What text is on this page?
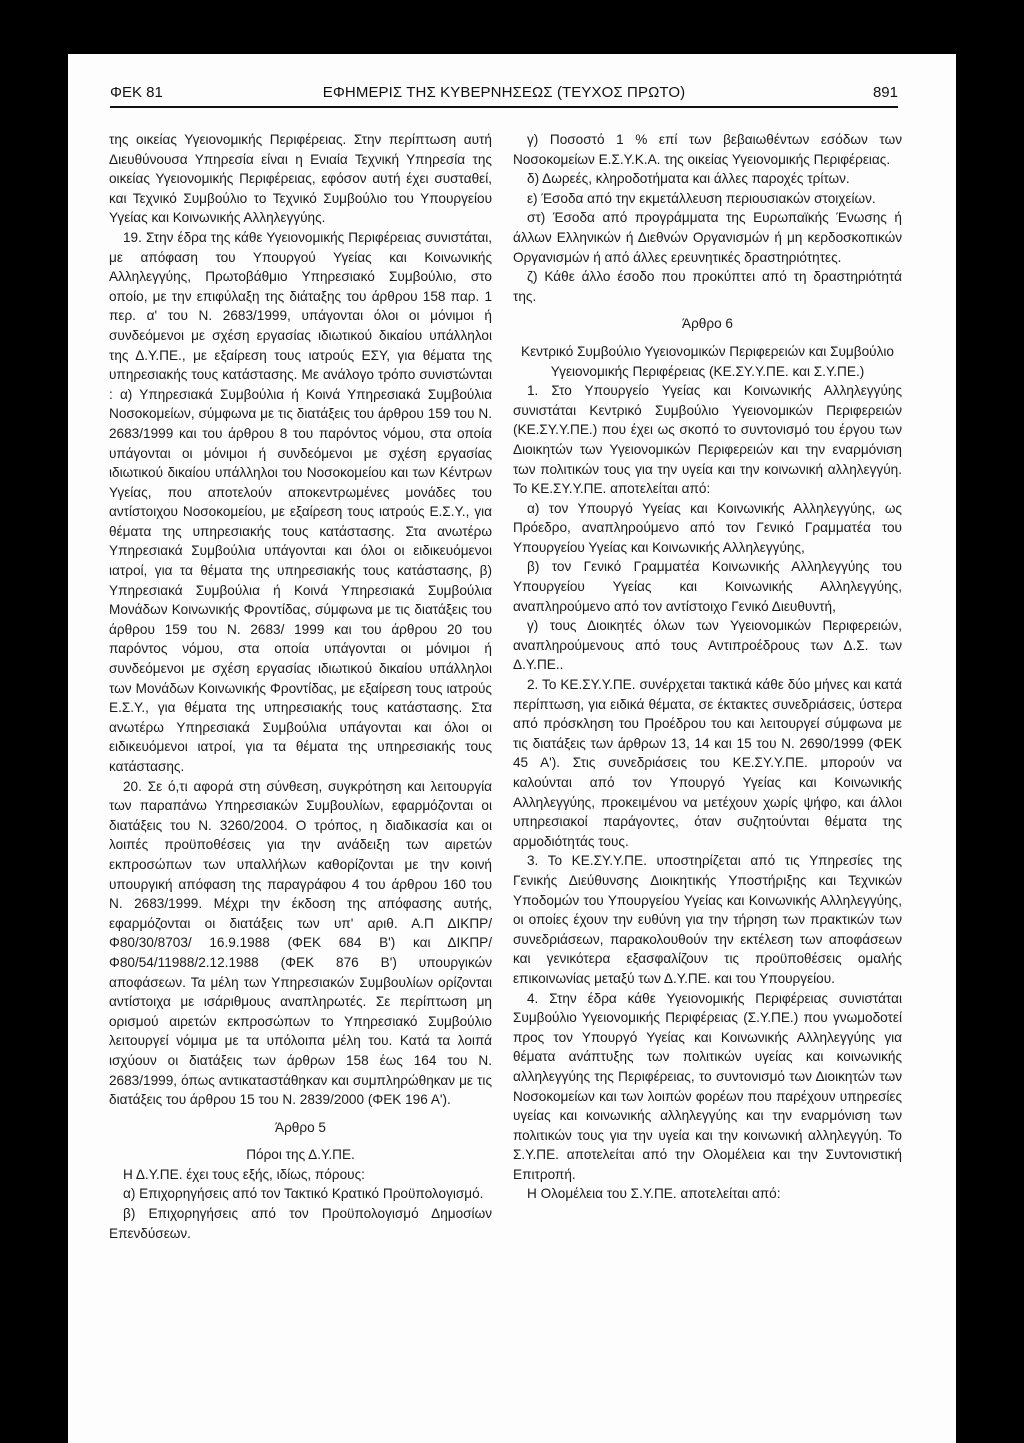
ΕΦΗΜΕΡΙΣ ΤΗΣ ΚΥΒΕΡΝΗΣΕΩΣ (ΤΕΥΧΟΣ ΠΡΩΤΟ)
ΦΕΚ 81	891

της οικείας Υγειονομικής Περιφέρειας. Στην περίπτωση αυτή Διευθύνουσα Υπηρεσία είναι η Ενιαία Τεχνική Υπηρεσία της οικείας Υγειονομικής Περιφέρειας, εφόσον αυτή έχει συσταθεί, και Τεχνικό Συμβούλιο το Τεχνικό Συμβούλιο του Υπουργείου Υγείας και Κοινωνικής Αλληλεγγύης.

19. Στην έδρα της κάθε Υγειονομικής Περιφέρειας συνιστάται, με απόφαση του Υπουργού Υγείας και Κοινωνικής Αλληλεγγύης, Πρωτοβάθμιο Υπηρεσιακό Συμβούλιο, στο οποίο, με την επιφύλαξη της διάταξης του άρθρου 158 παρ. 1 περ. α' του Ν. 2683/1999, υπάγονται όλοι οι μόνιμοι ή συνδεόμενοι με σχέση εργασίας ιδιωτικού δικαίου υπάλληλοι της Δ.Υ.ΠΕ., με εξαίρεση τους ιατρούς ΕΣΥ, για θέματα της υπηρεσιακής τους κατάστασης. Με ανάλογο τρόπο συνιστώνται : α) Υπηρεσιακά Συμβούλια ή Κοινά Υπηρεσιακά Συμβούλια Νοσοκομείων, σύμφωνα με τις διατάξεις του άρθρου 159 του Ν. 2683/1999 και του άρθρου 8 του παρόντος νόμου, στα οποία υπάγονται οι μόνιμοι ή συνδεόμενοι με σχέση εργασίας ιδιωτικού δικαίου υπάλληλοι του Νοσοκομείου και των Κέντρων Υγείας, που αποτελούν αποκεντρωμένες μονάδες του αντίστοιχου Νοσοκομείου, με εξαίρεση τους ιατρούς Ε.Σ.Υ., για θέματα της υπηρεσιακής τους κατάστασης. Στα ανωτέρω Υπηρεσιακά Συμβούλια υπάγονται και όλοι οι ειδικευόμενοι ιατροί, για τα θέματα της υπηρεσιακής τους κατάστασης, β) Υπηρεσιακά Συμβούλια ή Κοινά Υπηρεσιακά Συμβούλια Μονάδων Κοινωνικής Φροντίδας, σύμφωνα με τις διατάξεις του άρθρου 159 του Ν. 2683/ 1999 και του άρθρου 20 του παρόντος νόμου, στα οποία υπάγονται οι μόνιμοι ή συνδεόμενοι με σχέση εργασίας ιδιωτικού δικαίου υπάλληλοι των Μονάδων Κοινωνικής Φροντίδας, με εξαίρεση τους ιατρούς Ε.Σ.Υ., για θέματα της υπηρεσιακής τους κατάστασης. Στα ανωτέρω Υπηρεσιακά Συμβούλια υπάγονται και όλοι οι ειδικευόμενοι ιατροί, για τα θέματα της υπηρεσιακής τους κατάστασης.

20. Σε ό,τι αφορά στη σύνθεση, συγκρότηση και λειτουργία των παραπάνω Υπηρεσιακών Συμβουλίων, εφαρμόζονται οι διατάξεις του Ν. 3260/2004. Ο τρόπος, η διαδικασία και οι λοιπές προϋποθέσεις για την ανάδειξη των αιρετών εκπροσώπων των υπαλλήλων καθορίζονται με την κοινή υπουργική απόφαση της παραγράφου 4 του άρθρου 160 του Ν. 2683/1999. Μέχρι την έκδοση της απόφασης αυτής, εφαρμόζονται οι διατάξεις των υπ' αριθ. Α.Π ΔΙΚΠΡ/Φ80/30/8703/ 16.9.1988 (ΦΕΚ 684 Β') και ΔΙΚΠΡ/ Φ80/54/11988/2.12.1988 (ΦΕΚ 876 Β') υπουργικών αποφάσεων. Τα μέλη των Υπηρεσιακών Συμβουλίων ορίζονται αντίστοιχα με ισάριθμους αναπληρωτές. Σε περίπτωση μη ορισμού αιρετών εκπροσώπων το Υπηρεσιακό Συμβούλιο λειτουργεί νόμιμα με τα υπόλοιπα μέλη του. Κατά τα λοιπά ισχύουν οι διατάξεις των άρθρων 158 έως 164 του Ν. 2683/1999, όπως αντικαταστάθηκαν και συμπληρώθηκαν με τις διατάξεις του άρθρου 15 του Ν. 2839/2000 (ΦΕΚ 196 Α').

Άρθρο 5

Πόροι της Δ.Υ.ΠΕ.

Η Δ.Υ.ΠΕ. έχει τους εξής, ιδίως, πόρους:

α) Επιχορηγήσεις από τον Τακτικό Κρατικό Προϋπολογισμό.

β) Επιχορηγήσεις από τον Προϋπολογισμό Δημοσίων Επενδύσεων.

γ) Ποσοστό 1 % επί των βεβαιωθέντων εσόδων των Νοσοκομείων Ε.Σ.Υ.Κ.Α. της οικείας Υγειονομικής Περιφέρειας.

δ) Δωρεές, κληροδοτήματα και άλλες παροχές τρίτων.

ε) Έσοδα από την εκμετάλλευση περιουσιακών στοιχείων.

στ) Έσοδα από προγράμματα της Ευρωπαϊκής Ένωσης ή άλλων Ελληνικών ή Διεθνών Οργανισμών ή μη κερδοσκοπικών Οργανισμών ή από άλλες ερευνητικές δραστηριότητες.

ζ) Κάθε άλλο έσοδο που προκύπτει από τη δραστηριότητά της.

Άρθρο 6

Κεντρικό Συμβούλιο Υγειονομικών Περιφερειών και Συμβούλιο Υγειονομικής Περιφέρειας (ΚΕ.ΣΥ.Υ.ΠΕ. και Σ.Υ.ΠΕ.)

1. Στο Υπουργείο Υγείας και Κοινωνικής Αλληλεγγύης συνιστάται Κεντρικό Συμβούλιο Υγειονομικών Περιφερειών (ΚΕ.ΣΥ.Υ.ΠΕ.) που έχει ως σκοπό το συντονισμό του έργου των Διοικητών των Υγειονομικών Περιφερειών και την εναρμόνιση των πολιτικών τους για την υγεία και την κοινωνική αλληλεγγύη. Το ΚΕ.ΣΥ.Υ.ΠΕ. αποτελείται από:

α) τον Υπουργό Υγείας και Κοινωνικής Αλληλεγγύης, ως Πρόεδρο, αναπληρούμενο από τον Γενικό Γραμματέα του Υπουργείου Υγείας και Κοινωνικής Αλληλεγγύης,

β) τον Γενικό Γραμματέα Κοινωνικής Αλληλεγγύης του Υπουργείου Υγείας και Κοινωνικής Αλληλεγγύης, αναπληρούμενο από τον αντίστοιχο Γενικό Διευθυντή,

γ) τους Διοικητές όλων των Υγειονομικών Περιφερειών, αναπληρούμενους από τους Αντιπροέδρους των Δ.Σ. των Δ.Υ.ΠΕ..

2. Το ΚΕ.ΣΥ.Υ.ΠΕ. συνέρχεται τακτικά κάθε δύο μήνες και κατά περίπτωση, για ειδικά θέματα, σε έκτακτες συνεδριάσεις, ύστερα από πρόσκληση του Προέδρου του και λειτουργεί σύμφωνα με τις διατάξεις των άρθρων 13, 14 και 15 του Ν. 2690/1999 (ΦΕΚ 45 Α'). Στις συνεδριάσεις του ΚΕ.ΣΥ.Υ.ΠΕ. μπορούν να καλούνται από τον Υπουργό Υγείας και Κοινωνικής Αλληλεγγύης, προκειμένου να μετέχουν χωρίς ψήφο, και άλλοι υπηρεσιακοί παράγοντες, όταν συζητούνται θέματα της αρμοδιότητάς τους.

3. Το ΚΕ.ΣΥ.Υ.ΠΕ. υποστηρίζεται από τις Υπηρεσίες της Γενικής Διεύθυνσης Διοικητικής Υποστήριξης και Τεχνικών Υποδομών του Υπουργείου Υγείας και Κοινωνικής Αλληλεγγύης, οι οποίες έχουν την ευθύνη για την τήρηση των πρακτικών των συνεδριάσεων, παρακολουθούν την εκτέλεση των αποφάσεων και γενικότερα εξασφαλίζουν τις προϋποθέσεις ομαλής επικοινωνίας μεταξύ των Δ.Υ.ΠΕ. και του Υπουργείου.

4. Στην έδρα κάθε Υγειονομικής Περιφέρειας συνιστάται Συμβούλιο Υγειονομικής Περιφέρειας (Σ.Υ.ΠΕ.) που γνωμοδοτεί προς τον Υπουργό Υγείας και Κοινωνικής Αλληλεγγύης για θέματα ανάπτυξης των πολιτικών υγείας και κοινωνικής αλληλεγγύης της Περιφέρειας, το συντονισμό των Διοικητών των Νοσοκομείων και των λοιπών φορέων που παρέχουν υπηρεσίες υγείας και κοινωνικής αλληλεγγύης και την εναρμόνιση των πολιτικών τους για την υγεία και την κοινωνική αλληλεγγύη. Το Σ.Υ.ΠΕ. αποτελείται από την Ολομέλεια και την Συντονιστική Επιτροπή.

Η Ολομέλεια του Σ.Υ.ΠΕ. αποτελείται από:
